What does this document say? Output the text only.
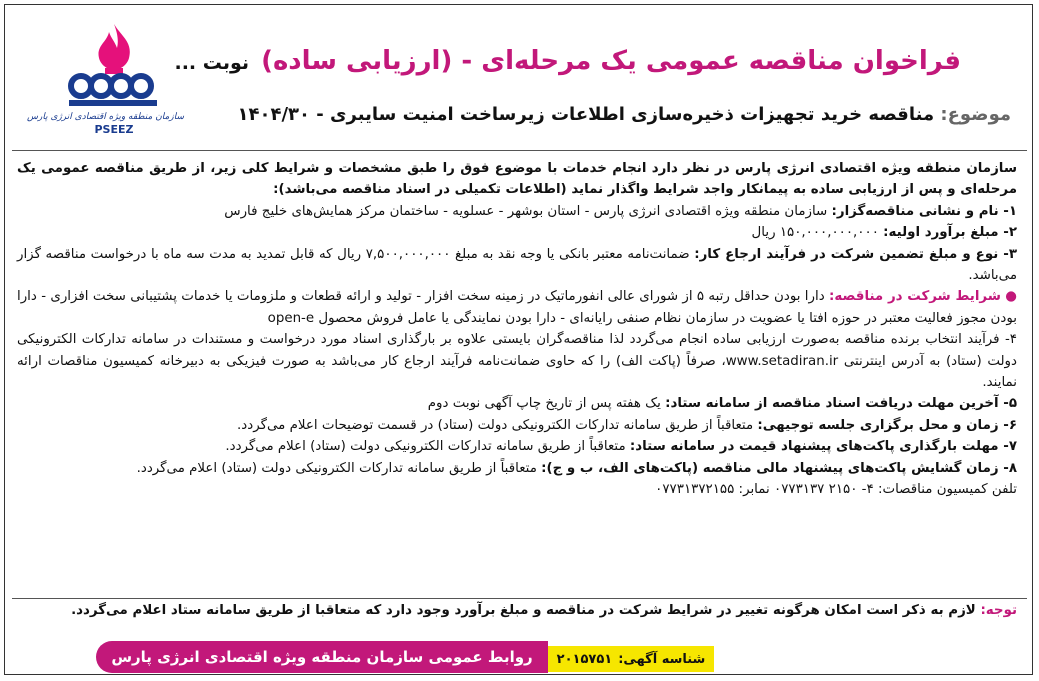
سازمان منطقه ویژه اقتصادی انرژی پارس
PSEEZ
فراخوان مناقصه عمومی یک مرحله‌ای - (ارزیابی ساده)
نوبت ...
موضوع: مناقصه خرید تجهیزات ذخیره‌سازی اطلاعات زیرساخت امنیت سایبری - ۱۴۰۴/۳۰

سازمان منطقه ویژه اقتصادی انرژی پارس در نظر دارد انجام خدمات با موضوع فوق را طبق مشخصات و شرایط کلی زیر، از طریق مناقصه عمومی یک مرحله‌ای و پس از ارزیابی ساده به پیمانکار واجد شرایط واگذار نماید (اطلاعات تکمیلی در اسناد مناقصه می‌باشد):

۱- نام و نشانی مناقصه‌گزار: سازمان منطقه ویژه اقتصادی انرژی پارس - استان بوشهر - عسلویه - ساختمان مرکز همایش‌های خلیج فارس

۲- مبلغ برآورد اولیه: ۱۵۰,۰۰۰,۰۰۰,۰۰۰ ریال

۳- نوع و مبلغ تضمین شرکت در فرآیند ارجاع کار: ضمانت‌نامه معتبر بانکی یا وجه نقد به مبلغ ۷,۵۰۰,۰۰۰,۰۰۰ ریال که قابل تمدید به مدت سه ماه با درخواست مناقصه گزار می‌باشد.

● شرایط شرکت در مناقصه: دارا بودن حداقل رتبه ۵ از شورای عالی انفورماتیک در زمینه سخت افزار - تولید و ارائه قطعات و ملزومات یا خدمات پشتیبانی سخت افزاری - دارا بودن مجوز فعالیت معتبر در حوزه افتا یا عضویت در سازمان نظام صنفی رایانه‌ای - دارا بودن نمایندگی یا عامل فروش محصول open-e

۴- فرآیند انتخاب برنده مناقصه به‌صورت ارزیابی ساده انجام می‌گردد لذا مناقصه‌گران بایستی علاوه بر بارگذاری اسناد مورد درخواست و مستندات در سامانه تدارکات الکترونیکی دولت (ستاد) به آدرس اینترنتی www.setadiran.ir، صرفاً (پاکت الف) را که حاوی ضمانت‌نامه فرآیند ارجاع کار می‌باشد به صورت فیزیکی به دبیرخانه کمیسیون مناقصات ارائه نمایند.

۵- آخرین مهلت دریافت اسناد مناقصه از سامانه ستاد: یک هفته پس از تاریخ چاپ آگهی نوبت دوم

۶- زمان و محل برگزاری جلسه توجیهی: متعاقباً از طریق سامانه تدارکات الکترونیکی دولت (ستاد) در قسمت توضیحات اعلام می‌گردد.

۷- مهلت بارگذاری پاکت‌های پیشنهاد قیمت در سامانه ستاد: متعاقباً از طریق سامانه تدارکات الکترونیکی دولت (ستاد) اعلام می‌گردد.

۸- زمان گشایش پاکت‌های پیشنهاد مالی مناقصه (پاکت‌های الف، ب و ج): متعاقباً از طریق سامانه تدارکات الکترونیکی دولت (ستاد) اعلام می‌گردد.

تلفن کمیسیون مناقصات: ۴- ۲۱۵۰ ۰۷۷۳۱۳۷ نمابر: ۰۷۷۳۱۳۷۲۱۵۵

توجه: لازم به ذکر است امکان هرگونه تغییر در شرایط شرکت در مناقصه و مبلغ برآورد وجود دارد که متعاقبا از طریق سامانه ستاد اعلام می‌گردد.
روابط عمومی سازمان منطقه ویژه اقتصادی انرژی پارس	شناسه آگهی:
۲۰۱۵۷۵۱
